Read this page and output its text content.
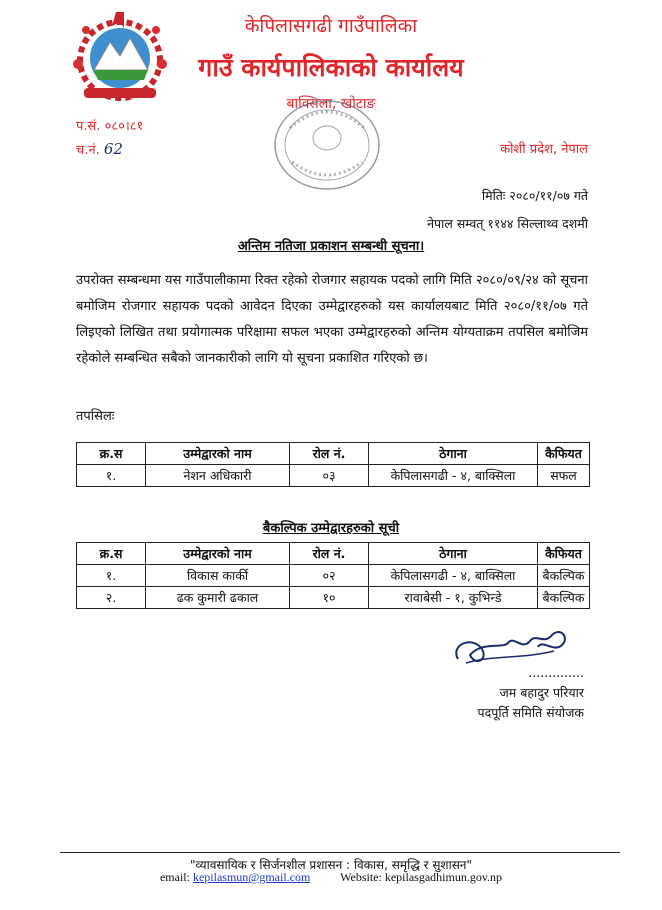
केपिलासगढी गाउँपालिका
गाउँ कार्यपालिकाको कार्यालय
बाक्सिला, खोटाङ
प.सं. ०८०।८१
च.नं. 62	कोशी प्रदेश, नेपाल
मितिः २०८०/११/०७ गते
नेपाल सम्वत् ११४४ सिल्लाथ्व दशमी
अन्तिम नतिजा प्रकाशन सम्बन्धी सूचना।
उपरोक्त सम्बन्धमा यस गाउँपालीकामा रिक्त रहेको रोजगार सहायक पदको लागि मिति २०८०/०९/२४ को सूचना बमोजिम रोजगार सहायक पदको आवेदन दिएका उम्मेद्वारहरुको यस कार्यालयबाट मिति २०८०/११/०७ गते लिइएको लिखित तथा प्रयोगात्मक परिक्षामा सफल भएका उम्मेद्वारहरुको अन्तिम योग्यताक्रम तपसिल बमोजिम रहेकोले सम्बन्धित सबैको जानकारीको लागि यो सूचना प्रकाशित गरिएको छ।
तपसिलः
क्र.स	उम्मेद्वारको नाम	रोल नं.	ठेगाना	कैफियत
१.	नेशन अधिकारी	०३	केपिलासगढी - ४, बाक्सिला	सफल
बैकल्पिक उम्मेद्वारहरुको सूची
क्र.स	उम्मेद्वारको नाम	रोल नं.	ठेगाना	कैफियत
१.	विकास कार्की	०२	केपिलासगढी - ४, बाक्सिला	बैकल्पिक
२.	ढक कुमारी ढकाल	१०	रावाबेसी - १, कुभिन्डे	बैकल्पिक
..............
जम बहादुर परियार
पदपूर्ति समिति संयोजक
"व्यावसायिक र सिर्जनशील प्रशासन : विकास, समृद्धि र सुशासन"
email: kepilasmun@gmail.com Website: kepilasgadhimun.gov.np
